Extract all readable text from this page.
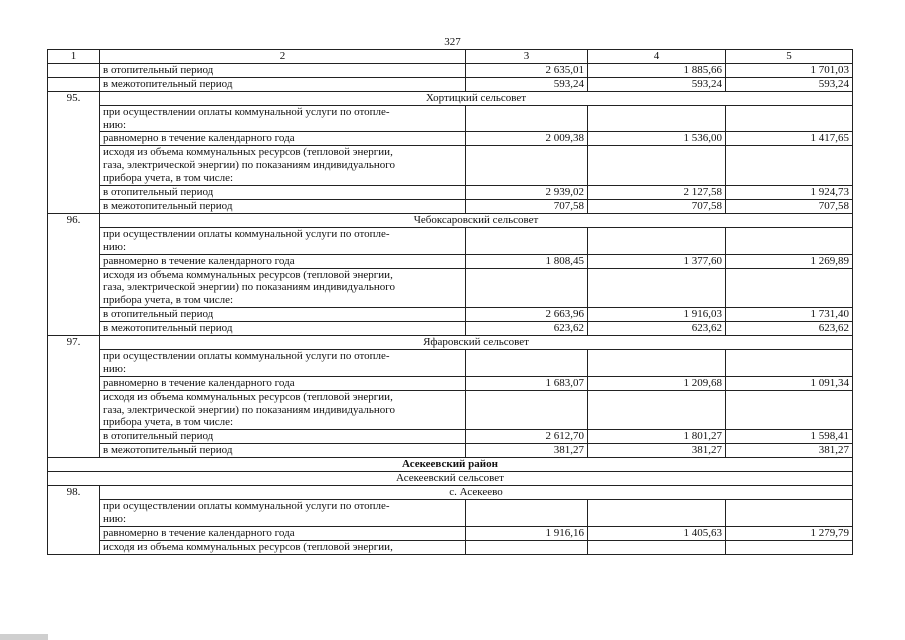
327
1	2	3	4	5
	в отопительный период	2 635,01	1 885,66	1 701,03
	в межотопительный период	593,24	593,24	593,24
95.	Хортицкий сельсовет			
	при осуществлении оплаты коммунальной услуги по отопле-
нию:			
	равномерно в течение календарного года	2 009,38	1 536,00	1 417,65
	исходя из объема коммунальных ресурсов (тепловой энергии,
газа, электрической энергии) по показаниям индивидуального
прибора учета, в том числе:			
	в отопительный период	2 939,02	2 127,58	1 924,73
	в межотопительный период	707,58	707,58	707,58
96.	Чебоксаровский сельсовет			
	при осуществлении оплаты коммунальной услуги по отопле-
нию:			
	равномерно в течение календарного года	1 808,45	1 377,60	1 269,89
	исходя из объема коммунальных ресурсов (тепловой энергии,
газа, электрической энергии) по показаниям индивидуального
прибора учета, в том числе:			
	в отопительный период	2 663,96	1 916,03	1 731,40
	в межотопительный период	623,62	623,62	623,62
97.	Яфаровский сельсовет			
	при осуществлении оплаты коммунальной услуги по отопле-
нию:			
	равномерно в течение календарного года	1 683,07	1 209,68	1 091,34
	исходя из объема коммунальных ресурсов (тепловой энергии,
газа, электрической энергии) по показаниям индивидуального
прибора учета, в том числе:			
	в отопительный период	2 612,70	1 801,27	1 598,41
	в межотопительный период	381,27	381,27	381,27
Асекеевский район				
Асекеевский сельсовет				
98.	с. Асекеево			
	при осуществлении оплаты коммунальной услуги по отопле-
нию:			
	равномерно в течение календарного года	1 916,16	1 405,63	1 279,79
	исходя из объема коммунальных ресурсов (тепловой энергии,			
